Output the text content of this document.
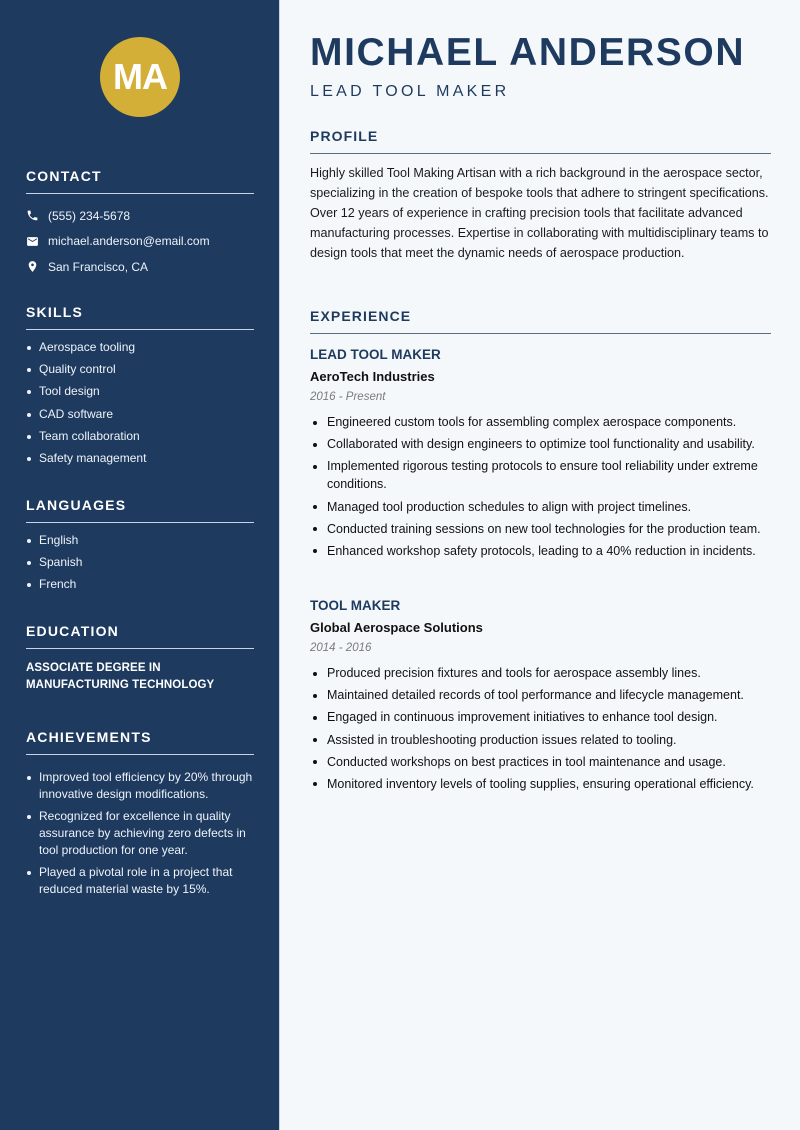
MA
CONTACT
(555) 234-5678
michael.anderson@email.com
San Francisco, CA
SKILLS
Aerospace tooling
Quality control
Tool design
CAD software
Team collaboration
Safety management
LANGUAGES
English
Spanish
French
EDUCATION
ASSOCIATE DEGREE IN MANUFACTURING TECHNOLOGY
ACHIEVEMENTS
Improved tool efficiency by 20% through innovative design modifications.
Recognized for excellence in quality assurance by achieving zero defects in tool production for one year.
Played a pivotal role in a project that reduced material waste by 15%.
MICHAEL ANDERSON
LEAD TOOL MAKER
PROFILE

Highly skilled Tool Making Artisan with a rich background in the aerospace sector, specializing in the creation of bespoke tools that adhere to stringent specifications. Over 12 years of experience in crafting precision tools that facilitate advanced manufacturing processes. Expertise in collaborating with multidisciplinary teams to design tools that meet the dynamic needs of aerospace production.

EXPERIENCE
LEAD TOOL MAKER
AeroTech Industries
2016 - Present
Engineered custom tools for assembling complex aerospace components.
Collaborated with design engineers to optimize tool functionality and usability.
Implemented rigorous testing protocols to ensure tool reliability under extreme conditions.
Managed tool production schedules to align with project timelines.
Conducted training sessions on new tool technologies for the production team.
Enhanced workshop safety protocols, leading to a 40% reduction in incidents.
TOOL MAKER
Global Aerospace Solutions
2014 - 2016
Produced precision fixtures and tools for aerospace assembly lines.
Maintained detailed records of tool performance and lifecycle management.
Engaged in continuous improvement initiatives to enhance tool design.
Assisted in troubleshooting production issues related to tooling.
Conducted workshops on best practices in tool maintenance and usage.
Monitored inventory levels of tooling supplies, ensuring operational efficiency.
